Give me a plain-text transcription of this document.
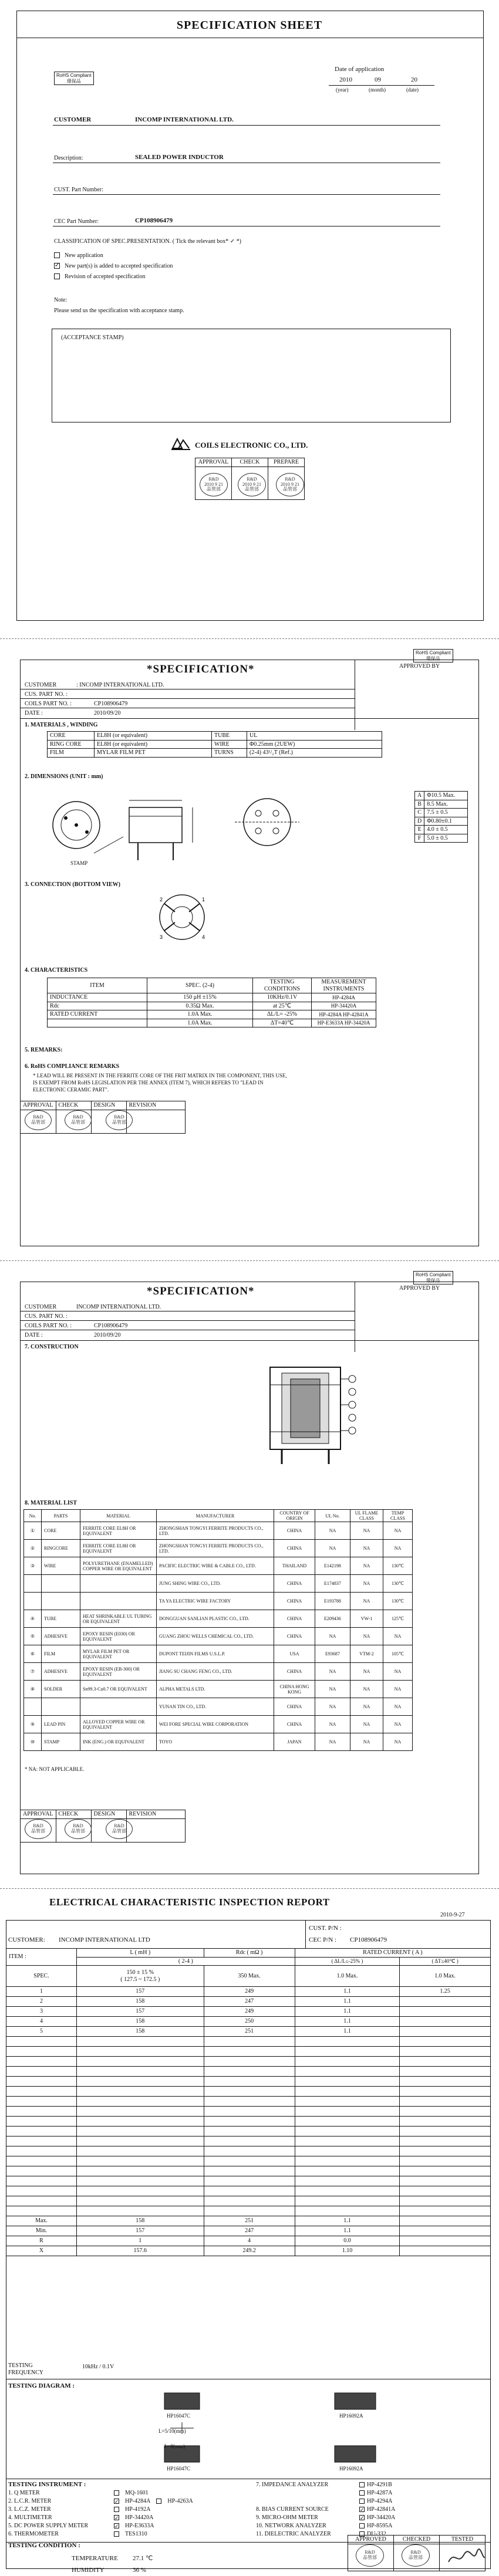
SPECIFICATION SHEET
RoHS Compliant
環保品
Date of application
2010	09	20
(year)	(month)	(date)
CUSTOMER	INCOMP INTERNATIONAL LTD.
Description:	SEALED POWER INDUCTOR
CUST. Part Number:
CEC Part Number:	CP108906479
CLASSIFICATION OF SPEC.PRESENTATION. ( Tick the relevant box* ✓ *)
New application
✓ New part(s) is added to accepted specification
Revision of accepted specification
Note:
Please send us the specification with acceptance stamp.
(ACCEPTANCE STAMP)
COILS ELECTRONIC CO., LTD.
APPROVAL	CHECK	PREPARE

R&D
2010 9 21
品管部
R&D
2010 9 21
品管部
R&D
2010 9 21
品管部
*SPECIFICATION*
RoHS Compliant
環保品
APPROVED BY
CUSTOMER	: INCOMP INTERNATIONAL LTD.
CUS. PART NO. :
COILS PART NO. :	CP108906479
DATE :	2010/09/20
1. MATERIALS , WINDING
CORE	EL8H (or equivalent)	TUBE	UL
RING CORE	EL8H (or equivalent)	WIRE	Φ0.25mm (2UEW)
FILM	MYLAR FILM PET	TURNS	(2-4) 43¹/₂T (Ref.)
2. DIMENSIONS (UNIT : mm)
STAMP
A	Φ10.5 Max.
B	8.5 Max.
C	7.5 ± 0.5
D	Φ0.80±0.1
E	4.0 ± 0.5
F	5.0 ± 0.5
3. CONNECTION (BOTTOM VIEW)
2	1
3	4
4. CHARACTERISTICS
ITEM	SPEC. (2-4)	TESTING CONDITIONS	MEASUREMENT INSTRUMENTS
INDUCTANCE	150 μH ±15%	10KHz/0.1V	HP-4284A
Rdc	0.35Ω Max.	at 25℃	HP-34420A
RATED CURRENT	1.0A Max.	ΔL/L= -25%	HP-4284A HP-42841A
	1.0A Max.	ΔT=40℃	HP-E3633A HP-34420A
5. REMARKS:
6. RoHS COMPLIANCE REMARKS
* LEAD WILL BE PRESENT IN THE FERRITE CORE OF THE FRIT MATRIX IN THE COMPONENT, THIS USE,
IS EXEMPT FROM RoHS LEGISLATION PER THE ANNEX (ITEM 7), WHICH REFERS TO "LEAD IN
ELECTRONIC CERAMIC PART".
APPROVAL	CHECK	DESIGN	REVISION

R&D
品管部
R&D
品管部
R&D
品管部
*SPECIFICATION*
RoHS Compliant
環保品
APPROVED BY
CUSTOMER	INCOMP INTERNATIONAL LTD.
CUS. PART NO. :
COILS PART NO. :	CP108906479
DATE :	2010/09/20
7. CONSTRUCTION
8. MATERIAL LIST
No.	PARTS	MATERIAL	MANUFACTURER	COUNTRY OF ORIGIN	UL No.	UL FLAME CLASS	TEMP CLASS
①	CORE	FERRITE CORE EL8H OR EQUIVALENT	ZHONGSHAN TONGYI FERRITE PRODUCTS CO., LTD.	CHINA	NA	NA	NA
②	RINGCORE	FERRITE CORE EL8H OR EQUIVALENT	ZHONGSHAN TONGYI FERRITE PRODUCTS CO., LTD.	CHINA	NA	NA	NA
③	WIRE	POLYURETHANE (ENAMELLED) COPPER WIRE OR EQUIVALENT	PACIFIC ELECTRIC WIRE & CABLE CO., LTD.	THAILAND	E142198	NA	130℃
			JUNG SHING WIRE CO., LTD.	CHINA	E174837	NA	130℃
			TA YA ELECTRIC WIRE FACTORY	CHINA	E193788	NA	130℃
④	TUBE	HEAT SHRINKABLE UL TUBING OR EQUIVALENT	DONGGUAN SANLIAN PLASTIC CO., LTD.	CHINA	E209436	VW-1	125℃
⑤	ADHESIVE	EPOXY RESIN (E030) OR EQUIVALENT	GUANG ZHOU WELLS CHEMICAL CO., LTD.	CHINA	NA	NA	NA
⑥	FILM	MYLAR FILM PET OR EQUIVALENT	DUPONT TEIJIN FILMS U.S.L.P.	USA	E93687	VTM-2	105℃
⑦	ADHESIVE	EPOXY RESIN (EB-300) OR EQUIVALENT	JIANG SU CHANG FENG CO., LTD.	CHINA	NA	NA	NA
⑧	SOLDER	Sn99.3-Cu0.7 OR EQUIVALENT	ALPHA METALS LTD.	CHINA HONG KONG	NA	NA	NA
			YUNAN TIN CO., LTD.	CHINA	NA	NA	NA
⑨	LEAD PIN	ALLOYED COPPER WIRE OR EQUIVALENT	WEI FORE SPECIAL WIRE CORPORATION	CHINA	NA	NA	NA
⑩	STAMP	INK (ENG.) OR EQUIVALENT	TOYO	JAPAN	NA	NA	NA
* NA: NOT APPLICABLE.
APPROVAL	CHECK	DESIGN	REVISION

R&D
品管部
R&D
品管部
R&D
品管部
ELECTRICAL CHARACTERISTIC INSPECTION REPORT
2010-9-27
CUSTOMER: INCOMP INTERNATIONAL LTD
CUST. P/N :
CEC P/N : CP108906479
ITEM :	L ( mH )	Rdc ( mΩ )	RATED CURRENT ( A )	
	( 2-4 )		( ΔL/L≤-25% )	( ΔT≤40℃ )
SPEC.	150 ± 15 %
( 127.5 ~ 172.5 )	350 Max.	1.0 Max.	1.0 Max.
1	157	249	1.1	1.25
2	158	247	1.1	
3	157	249	1.1	
4	158	250	1.1	
5	158	251	1.1	

Max.	158	251	1.1	
Min.	157	247	1.1	
R	1	4	0.0	
X	157.6	249.2	1.10	
TESTING FREQUENCY
10kHz / 0.1V
TESTING DIAGRAM :
HP16047C	HP16092A
L=5/10(mm)
L=8(mm)
HP16047C	HP16092A
TESTING INSTRUMENT :
1. Q METER	MQ-1601
2. L.C.R. METER	✓ HP-4284A	HP-4263A
3. L.C.Z. METER	HP-4192A
4. MULTIMETER	✓ HP-34420A
5. DC POWER SUPPLY METER	✓ HP-E3633A
6. THERMOMETER	TES1310
7. IMPEDANCE ANALYZER	HP-4291B
HP-4287A
HP-4294A
8. BIAS CURRENT SOURCE	✓ HP-42841A
9. MICRO-OHM METER	✓ HP-34420A
10. NETWORK ANALYZER	HP-8595A
11. DIELECTRIC ANALYZER	DU-332
TESTING CONDITION :
TEMPERATURE 27.1 ℃
HUMIDITY	36 %
APPROVED	CHECKED	TESTED

R&D
品管部
R&D
品管部
